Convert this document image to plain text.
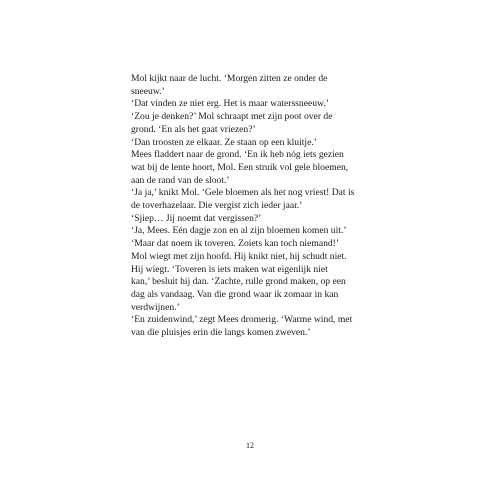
Mol kijkt naar de lucht. ‘Morgen zitten ze onder de
sneeuw.’
‘Dat vinden ze niet erg. Het is maar waterssneeuw.’
‘Zou je denken?’ Mol schraapt met zijn poot over de
grond. ‘En als het gaat vriezen?’
‘Dan troosten ze elkaar. Ze staan op een kluitje.’
Mees fladdert naar de grond. ‘En ik heb nóg iets gezien
wat bij de lente hoort, Mol. Een struik vol gele bloemen,
aan de rand van de sloot.’
‘Ja ja,’ knikt Mol. ‘Gele bloemen als het nog vriest! Dat is
de toverhazelaar. Die vergist zich ieder jaar.’
‘Sjiep… Jij noemt dat vergissen?’
‘Ja, Mees. Eén dagje zon en al zijn bloemen komen uit.’
‘Maar dat noem ik toveren. Zoiets kan toch niemand!’
Mol wiegt met zijn hoofd. Hij knikt niet, hij schudt niet.
Hij wiegt. ‘Toveren is iets maken wat eigenlijk niet
kan,’ besluit hij dan. ‘Zachte, rulle grond maken, op een
dag als vandaag. Van die grond waar ik zomaar in kan
verdwijnen.’
‘En zuidenwind,’ zegt Mees dromerig. ‘Warme wind, met
van die pluisjes erin die langs komen zweven.’
12
